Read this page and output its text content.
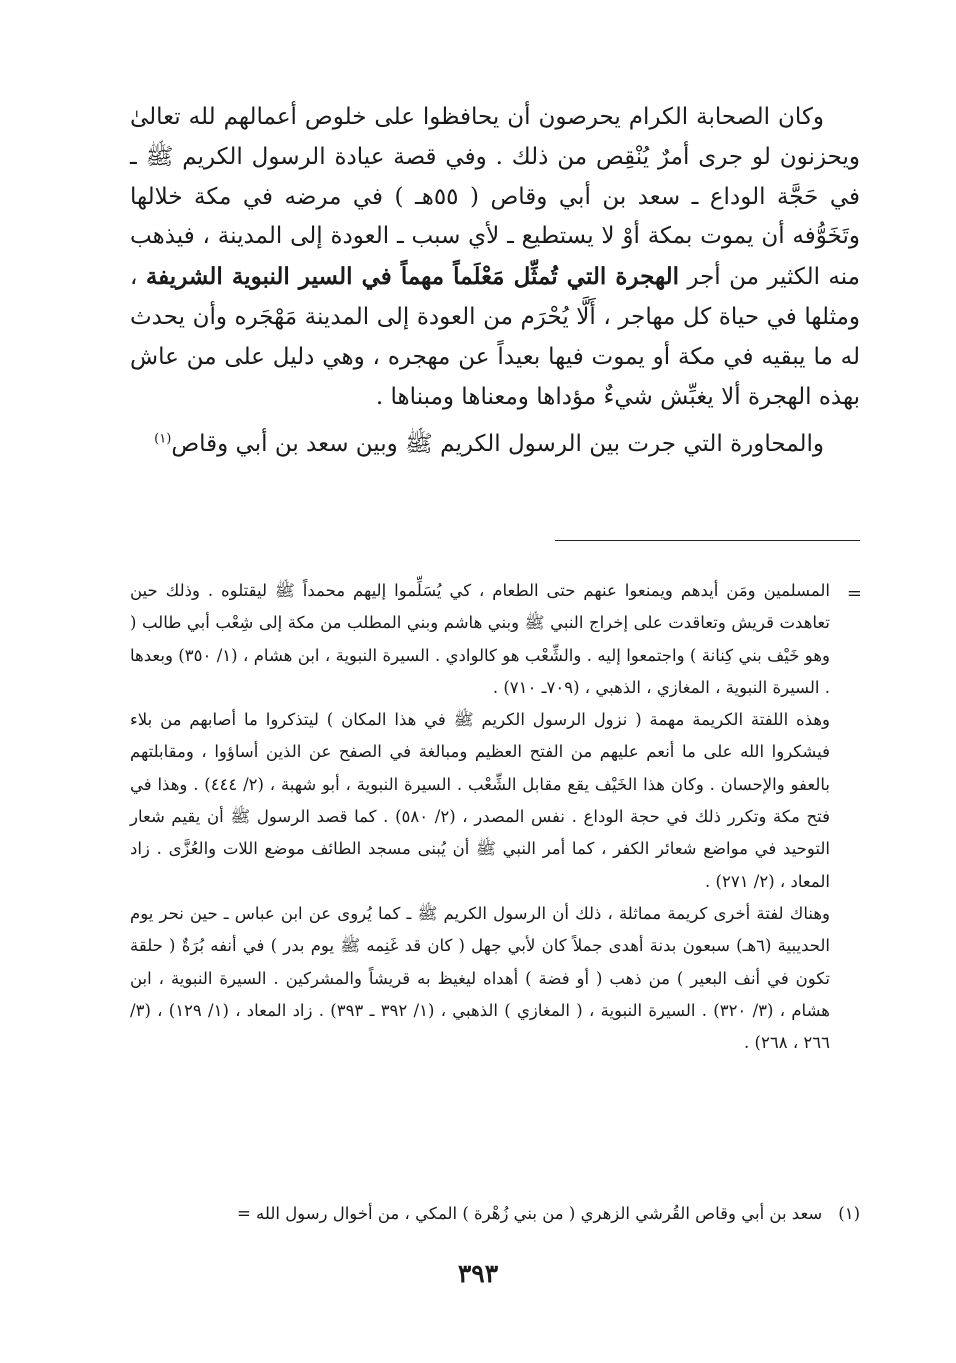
وكان الصحابة الكرام يحرصون أن يحافظوا على خلوص أعمالهم لله تعالىٰ ويحزنون لو جرى أمرٌ يُنْقِص من ذلك . وفي قصة عيادة الرسول الكريم ﷺ ـ في حَجَّة الوداع ـ سعد بن أبي وقاص ( ٥٥هـ ) في مرضه في مكة خلالها وتَخَوُّفه أن يموت بمكة أوْ لا يستطيع ـ لأي سبب ـ العودة إلى المدينة ، فيذهب منه الكثير من أجر الهجرة التي تُمثِّل مَعْلَماً مهماً في السير النبوية الشريفة ، ومثلها في حياة كل مهاجر ، أَلَّا يُحْرَم من العودة إلى المدينة مَهْجَره وأن يحدث له ما يبقيه في مكة أو يموت فيها بعيداً عن مهجره ، وهي دليل على من عاش بهذه الهجرة ألا يغبِّش شيءٌ مؤداها ومعناها ومبناها .

والمحاورة التي جرت بين الرسول الكريم ﷺ وبين سعد بن أبي وقاص$^{(١)}$

=

المسلمين ومَن أيدهم ويمنعوا عنهم حتى الطعام ، كي يُسَلِّموا إليهم محمداً ﷺ ليقتلوه . وذلك حين تعاهدت قريش وتعاقدت على إخراج النبي ﷺ وبني هاشم وبني المطلب من مكة إلى شِعْب أبي طالب ( وهو خَيْف بني كِنانة ) واجتمعوا إليه . والشِّعْب هو كالوادي . السيرة النبوية ، ابن هشام ، (١/ ٣٥٠) وبعدها . السيرة النبوية ، المغازي ، الذهبي ، (٧٠٩ـ ٧١٠) .

وهذه اللفتة الكريمة مهمة ( نزول الرسول الكريم ﷺ في هذا المكان ) ليتذكروا ما أصابهم من بلاء فيشكروا الله على ما أنعم عليهم من الفتح العظيم ومبالغة في الصفح عن الذين أساؤوا ، ومقابلتهم بالعفو والإحسان . وكان هذا الخَيْف يقع مقابل الشِّعْب . السيرة النبوية ، أبو شهبة ، (٢/ ٤٤٤) . وهذا في فتح مكة وتكرر ذلك في حجة الوداع . نفس المصدر ، (٢/ ٥٨٠) . كما قصد الرسول ﷺ أن يقيم شعار التوحيد في مواضع شعائر الكفر ، كما أمر النبي ﷺ أن يُبنى مسجد الطائف موضع اللات والعُزَّى . زاد المعاد ، (٢/ ٢٧١) .

وهناك لفتة أخرى كريمة مماثلة ، ذلك أن الرسول الكريم ﷺ ـ كما يُروى عن ابن عباس ـ حين نحر يوم الحديبية (٦هـ) سبعون بدنة أهدى جملاً كان لأبي جهل ( كان قد غَنِمه ﷺ يوم بدر ) في أنفه بُرَةٌ ( حلقة تكون في أنف البعير ) من ذهب ( أو فضة ) أهداه ليغيظ به قريشاً والمشركين . السيرة النبوية ، ابن هشام ، (٣/ ٣٢٠) . السيرة النبوية ، ( المغازي ) الذهبي ، (١/ ٣٩٢ ـ ٣٩٣) . زاد المعاد ، (١/ ١٢٩) ، (٣/ ٢٦٦ ، ٢٦٨) .

(١)سعد بن أبي وقاص القُرشي الزهري ( من بني زُهْرة ) المكي ، من أخوال رسول الله =
٣٩٣
